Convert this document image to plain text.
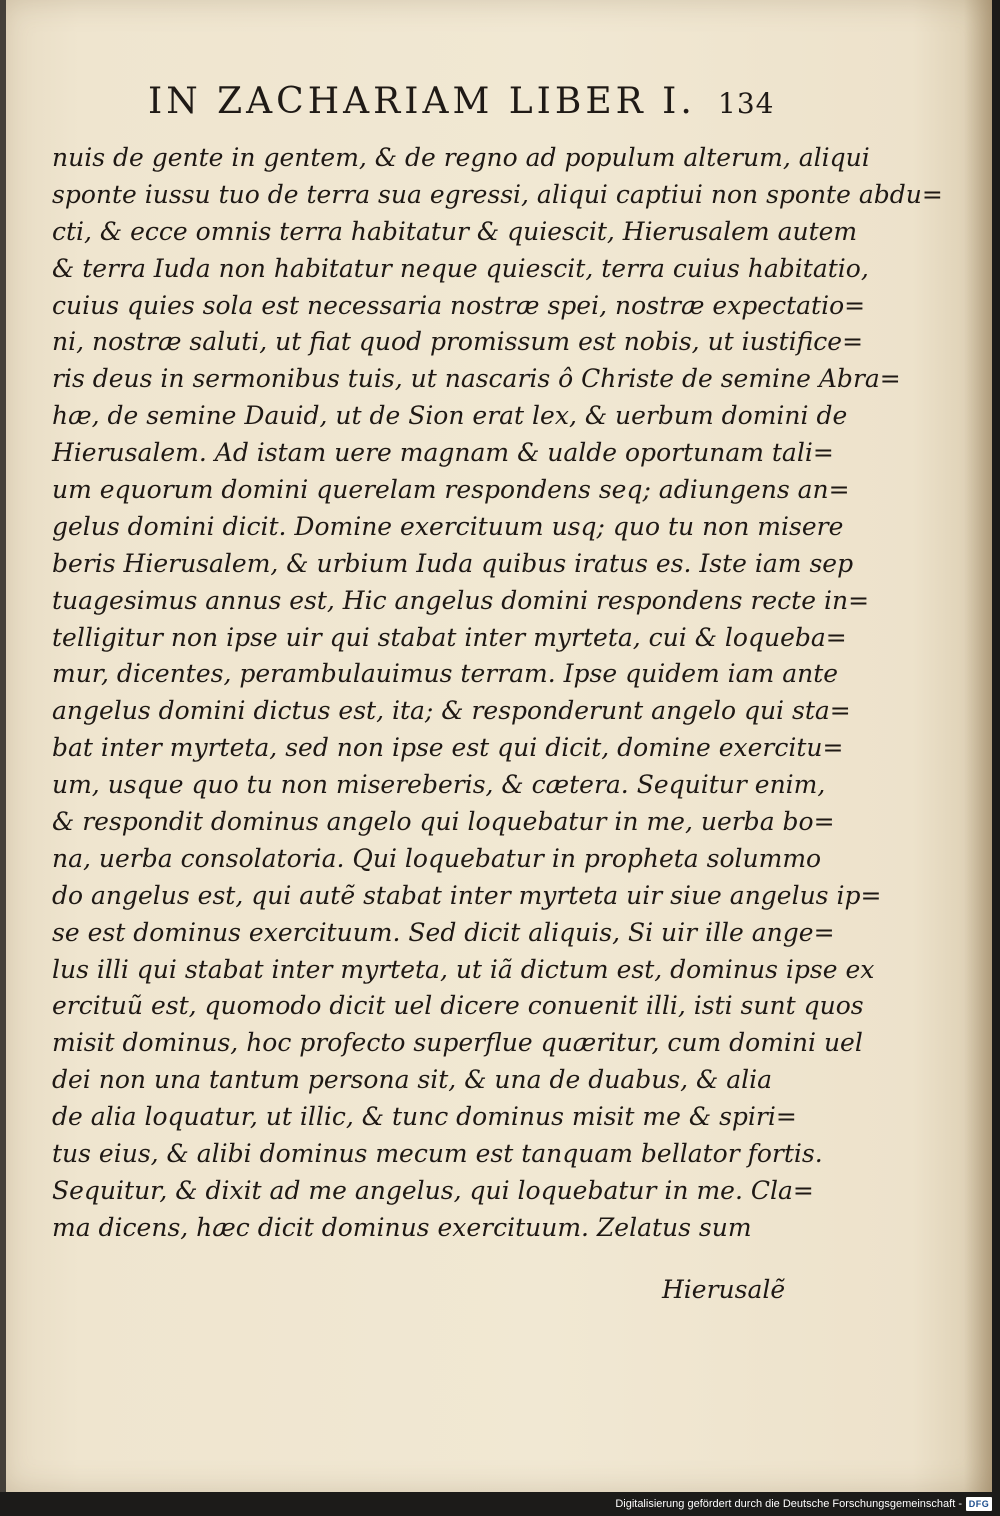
IN ZACHARIAM LIBER I. 134
nuis de gente in gentem, & de regno ad populum alterum, aliqui
sponte iussu tuo de terra sua egressi, aliqui captiui non sponte abdu=
cti, & ecce omnis terra habitatur & quiescit, Hierusalem autem
& terra Iuda non habitatur neque quiescit, terra cuius habitatio,
cuius quies sola est necessaria nostræ spei, nostræ expectatio=
ni, nostræ saluti, ut fiat quod promissum est nobis, ut iustifice=
ris deus in sermonibus tuis, ut nascaris ô Christe de semine Abra=
hæ, de semine Dauid, ut de Sion erat lex, & uerbum domini de
Hierusalem. Ad istam uere magnam & ualde oportunam tali=
um equorum domini querelam respondens seq; adiungens an=
gelus domini dicit. Domine exercituum usq; quo tu non misere
beris Hierusalem, & urbium Iuda quibus iratus es. Iste iam sep
tuagesimus annus est, Hic angelus domini respondens recte in=
telligitur non ipse uir qui stabat inter myrteta, cui & loqueba=
mur, dicentes, perambulauimus terram. Ipse quidem iam ante
angelus domini dictus est, ita; & responderunt angelo qui sta=
bat inter myrteta, sed non ipse est qui dicit, domine exercitu=
um, usque quo tu non misereberis, & cætera. Sequitur enim,
& respondit dominus angelo qui loquebatur in me, uerba bo=
na, uerba consolatoria. Qui loquebatur in propheta solummo
do angelus est, qui autẽ stabat inter myrteta uir siue angelus ip=
se est dominus exercituum. Sed dicit aliquis, Si uir ille ange=
lus illi qui stabat inter myrteta, ut iã dictum est, dominus ipse ex
ercituũ est, quomodo dicit uel dicere conuenit illi, isti sunt quos
misit dominus, hoc profecto superflue quæritur, cum domini uel
dei non una tantum persona sit, & una de duabus, & alia
de alia loquatur, ut illic, & tunc dominus misit me & spiri=
tus eius, & alibi dominus mecum est tanquam bellator fortis.
Sequitur, & dixit ad me angelus, qui loquebatur in me. Cla=
ma dicens, hæc dicit dominus exercituum. Zelatus sum
Hierusalẽ
Digitalisierung gefördert durch die Deutsche Forschungsgemeinschaft - DFG
